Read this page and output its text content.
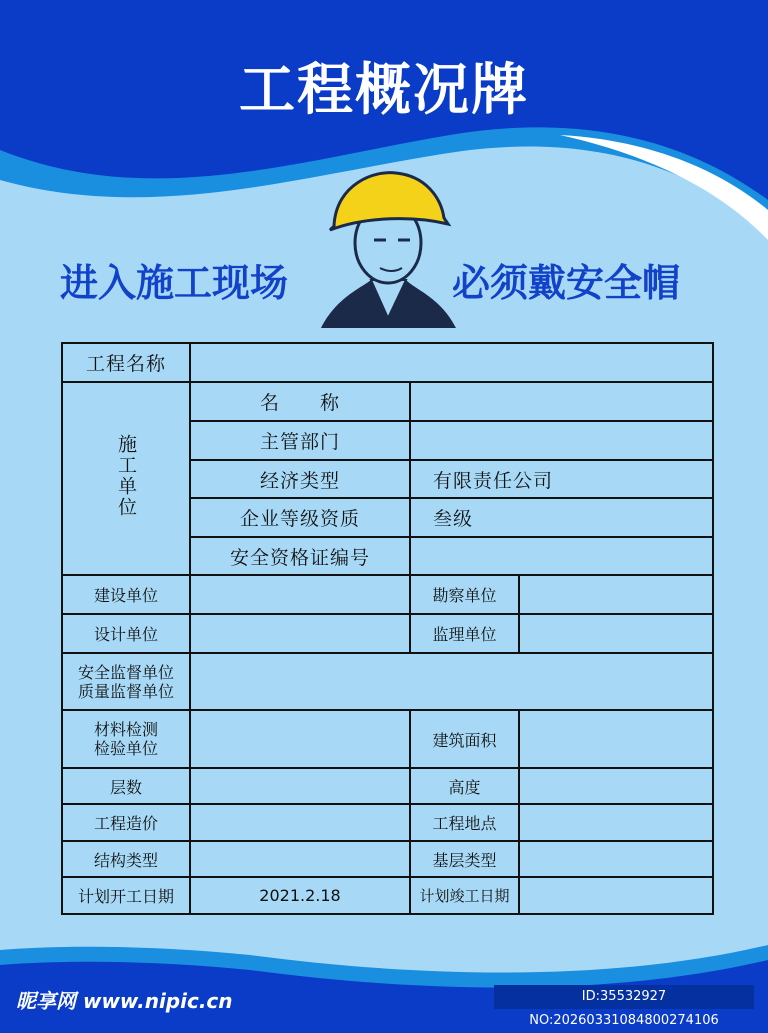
工程概况牌
进入施工现场	必须戴安全帽
工程名称			
施工单位	名　　称		
	主管部门		
	经济类型	有限责任公司	
	企业等级资质	叁级	
	安全资格证编号		
建设单位		勘察单位	
设计单位		监理单位	
安全监督单位
质量监督单位			
材料检测
检验单位		建筑面积	
层数		高度	
工程造价		工程地点	
结构类型		基层类型	
计划开工日期	2021.2.18	计划竣工日期	
昵享网 www.nipic.cn	ID:35532927 NO:20260331084800274106
